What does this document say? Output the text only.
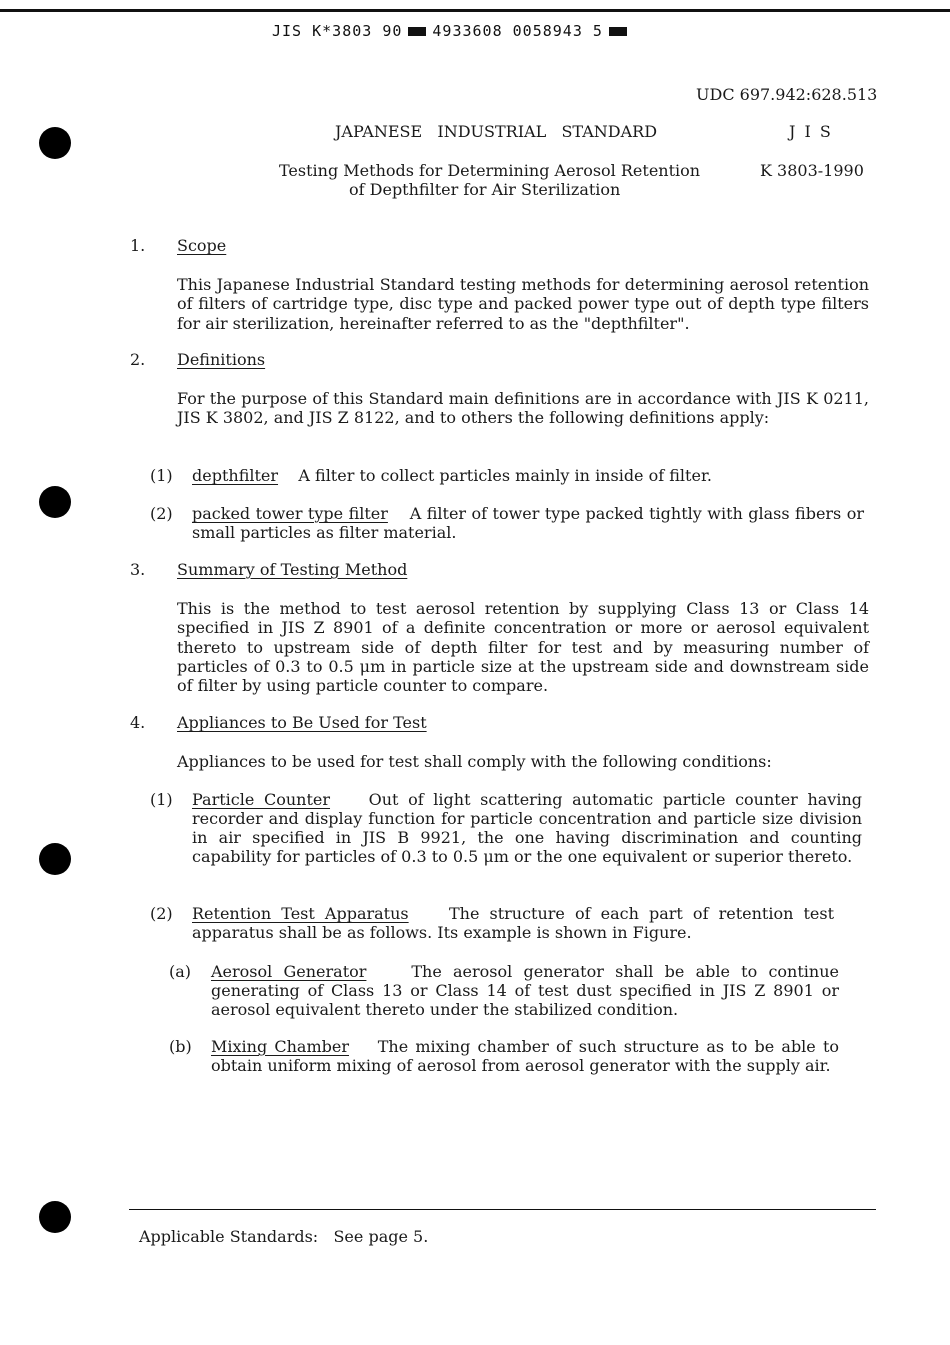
JIS K*3803 90 4933608 0058943 5
UDC 697.942:628.513
JAPANESE   INDUSTRIAL   STANDARD	J I S
Testing Methods for Determining Aerosol Retention
of Depthfilter for Air Sterilization
K 3803-1990
1. Scope
This Japanese Industrial Standard testing methods for determining aerosol retention of filters of cartridge type, disc type and packed power type out of depth type filters for air sterilization, hereinafter referred to as the "depthfilter".
2. Definitions
For the purpose of this Standard main definitions are in accordance with JIS K 0211, JIS K 3802, and JIS Z 8122, and to others the following definitions apply:
(1) depthfilter A filter to collect particles mainly in inside of filter.
(2) packed tower type filter A filter of tower type packed tightly with glass fibers or small particles as filter material.
3. Summary of Testing Method
This is the method to test aerosol retention by supplying Class 13 or Class 14 specified in JIS Z 8901 of a definite concentration or more or aerosol equivalent thereto to upstream side of depth filter for test and by measuring number of particles of 0.3 to 0.5 μm in particle size at the upstream side and downstream side of filter by using particle counter to compare.
4. Appliances to Be Used for Test
Appliances to be used for test shall comply with the following conditions:
(1) Particle Counter Out of light scattering automatic particle counter having recorder and display function for particle concentration and particle size division in air specified in JIS B 9921, the one having discrimination and counting capability for particles of 0.3 to 0.5 μm or the one equivalent or superior thereto.
(2) Retention Test Apparatus	The structure of each part of retention test apparatus shall be as follows. Its example is shown in Figure.
(a) Aerosol Generator	The aerosol generator shall be able to continue generating of Class 13 or Class 14 of test dust specified in JIS Z 8901 or aerosol equivalent thereto under the stabilized condition.
(b) Mixing Chamber The mixing chamber of such structure as to be able to obtain uniform mixing of aerosol from aerosol generator with the supply air.
Applicable Standards: See page 5.
